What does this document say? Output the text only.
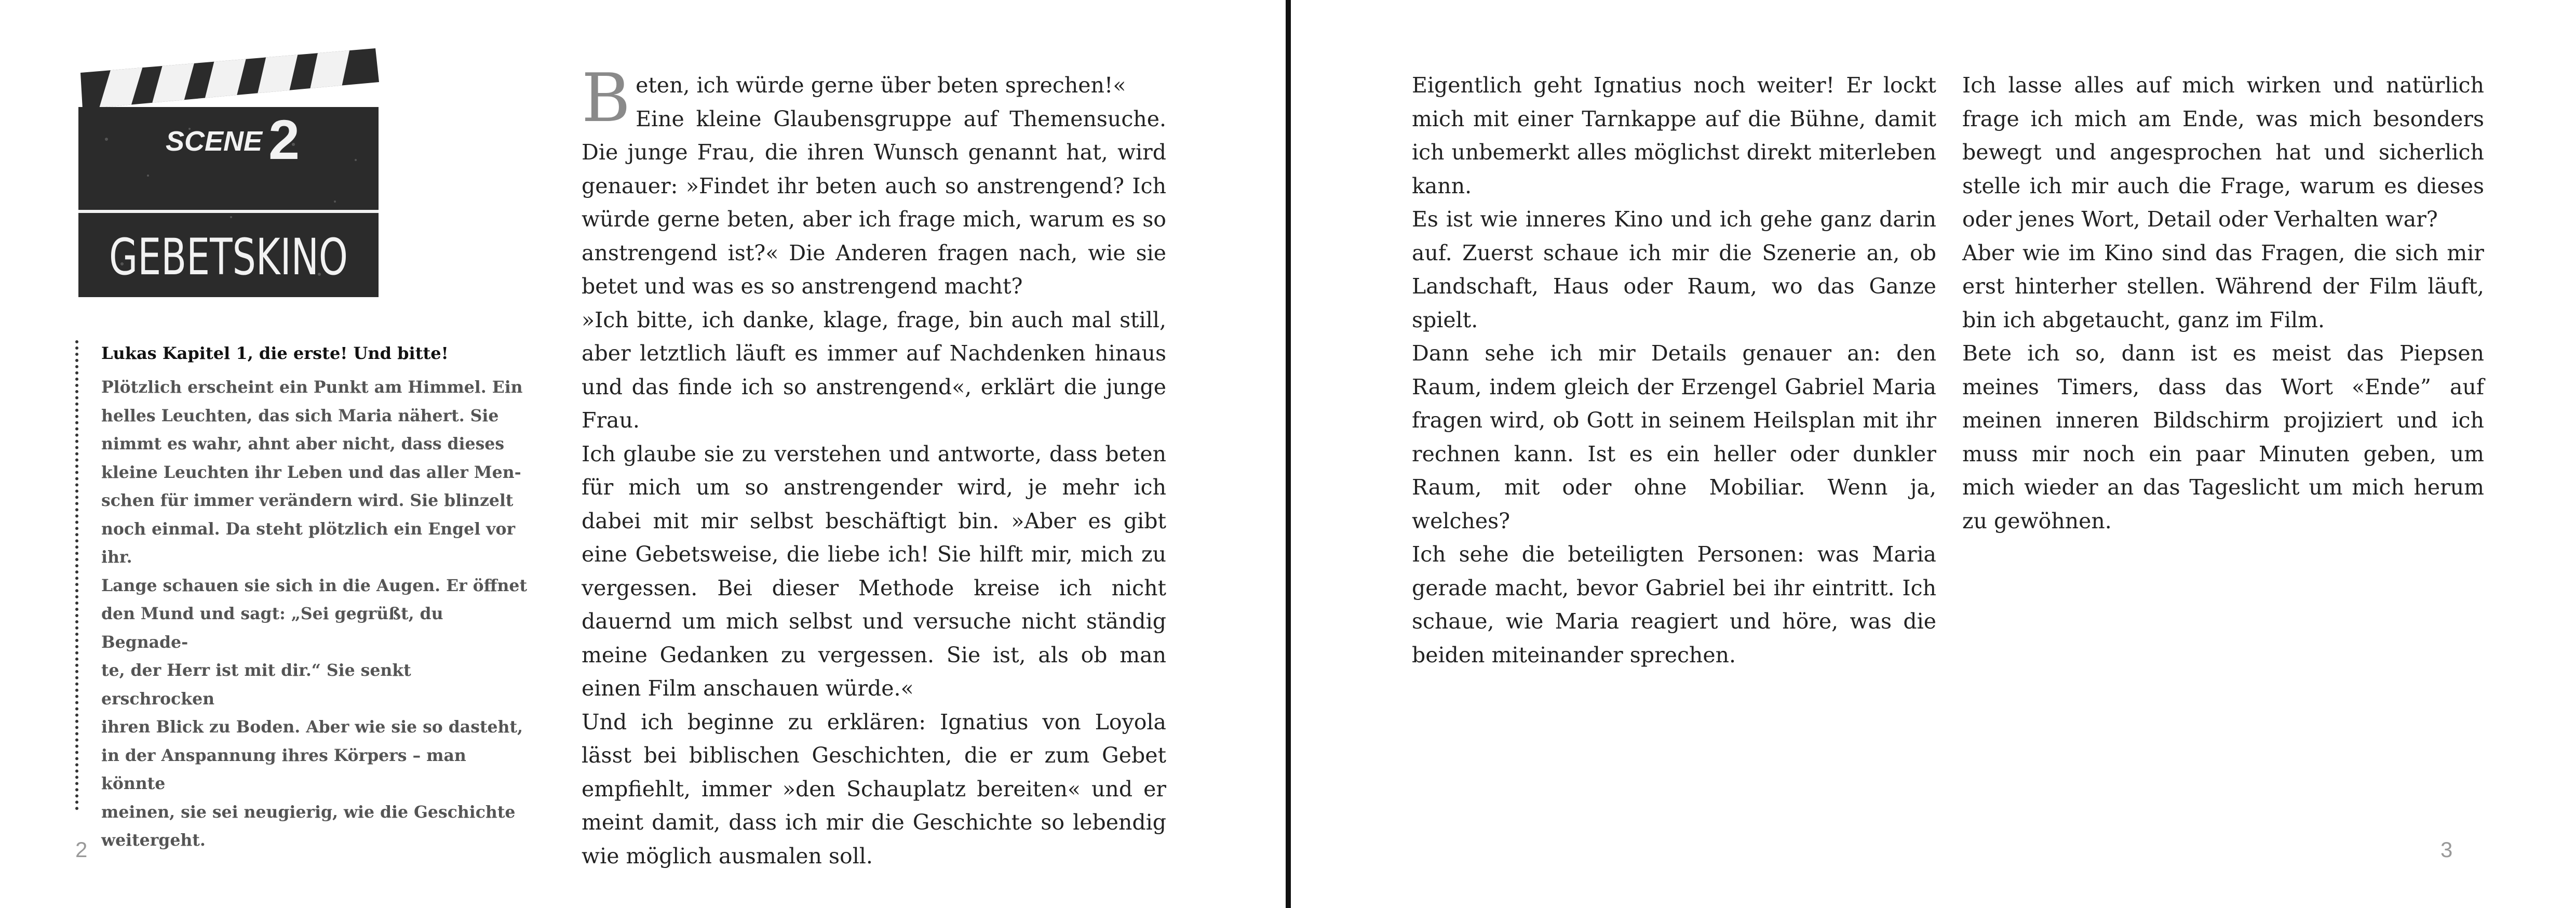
SCENE 2
GEBETSKINO

Lukas Kapitel 1, die erste! Und bitte!

Plötzlich erscheint ein Punkt am Himmel. Ein
helles Leuchten, das sich Maria nähert. Sie
nimmt es wahr, ahnt aber nicht, dass dieses
kleine Leuchten ihr Leben und das aller Men-
schen für immer verändern wird. Sie blinzelt
noch einmal. Da steht plötzlich ein Engel vor ihr.
Lange schauen sie sich in die Augen. Er öffnet
den Mund und sagt: „Sei gegrüßt, du Begnade-
te, der Herr ist mit dir.“ Sie senkt erschrocken
ihren Blick zu Boden. Aber wie sie so dasteht,
in der Anspannung ihres Körpers – man könnte
meinen, sie sei neugierig, wie die Geschichte
weitergeht.

Beten, ich würde gerne über beten sprechen!«

Eine kleine Glaubensgruppe auf Themensuche. Die junge Frau, die ihren Wunsch genannt hat, wird genauer: »Findet ihr beten auch so anstrengend? Ich würde gerne beten, aber ich frage mich, warum es so anstrengend ist?« Die Anderen fragen nach, wie sie betet und was es so anstrengend macht?

»Ich bitte, ich danke, klage, frage, bin auch mal still, aber letztlich läuft es immer auf Nachdenken hinaus und das finde ich so anstrengend«, erklärt die junge Frau.

Ich glaube sie zu verstehen und antworte, dass beten für mich um so anstrengender wird, je mehr ich dabei mit mir selbst beschäftigt bin. »Aber es gibt eine Gebetsweise, die liebe ich! Sie hilft mir, mich zu vergessen. Bei dieser Methode kreise ich nicht dauernd um mich selbst und versuche nicht ständig meine Gedanken zu vergessen. Sie ist, als ob man einen Film anschauen würde.«

Und ich beginne zu erklären: Ignatius von Loyola lässt bei biblischen Geschichten, die er zum Gebet empfiehlt, immer »den Schauplatz bereiten« und er meint damit, dass ich mir die Geschichte so lebendig wie möglich ausmalen soll.

2

Eigentlich geht Ignatius noch weiter! Er lockt mich mit einer Tarnkappe auf die Bühne, damit ich unbemerkt alles möglichst direkt miterleben kann.

Es ist wie inneres Kino und ich gehe ganz darin auf. Zuerst schaue ich mir die Szenerie an, ob Landschaft, Haus oder Raum, wo das Ganze spielt.

Dann sehe ich mir Details genauer an: den Raum, indem gleich der Erzengel Gabriel Maria fragen wird, ob Gott in seinem Heilsplan mit ihr rechnen kann. Ist es ein heller oder dunkler Raum, mit oder ohne Mobiliar. Wenn ja, welches?

Ich sehe die beteiligten Personen: was Maria gerade macht, bevor Gabriel bei ihr eintritt. Ich schaue, wie Maria reagiert und höre, was die beiden miteinander sprechen.

Ich lasse alles auf mich wirken und natürlich frage ich mich am Ende, was mich besonders bewegt und angesprochen hat und sicherlich stelle ich mir auch die Frage, warum es dieses oder jenes Wort, Detail oder Verhalten war?

Aber wie im Kino sind das Fragen, die sich mir erst hinterher stellen. Während der Film läuft, bin ich abgetaucht, ganz im Film.

Bete ich so, dann ist es meist das Piepsen meines Timers, dass das Wort «Ende” auf meinen inneren Bildschirm projiziert und ich muss mir noch ein paar Minuten geben, um mich wieder an das Tageslicht um mich herum zu gewöhnen.

3
